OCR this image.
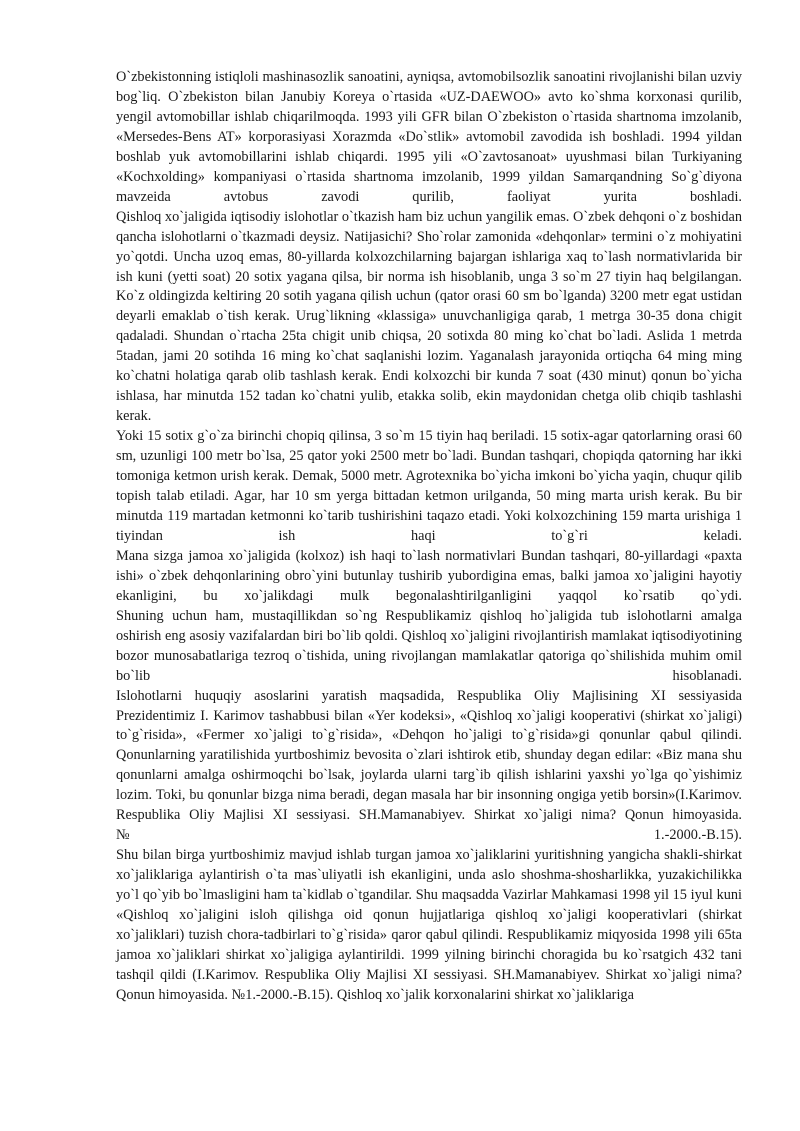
O`zbekistonning istiqloli mashinasozlik sanoatini, ayniqsa, avtomobilsozlik sanoatini rivojlanishi bilan uzviy bog`liq. O`zbekiston bilan Janubiy Koreya o`rtasida «UZ-DAEWOO» avto ko`shma korxonasi qurilib, yengil avtomobillar ishlab chiqarilmoqda. 1993 yili GFR bilan O`zbekiston o`rtasida shartnoma imzolanib, «Mersedes-Bens AT» korporasiyasi Xorazmda «Do`stlik» avtomobil zavodida ish boshladi. 1994 yildan boshlab yuk avtomobillarini ishlab chiqardi. 1995 yili «O`zavtosanoat» uyushmasi bilan Turkiyaning «Kochxolding» kompaniyasi o`rtasida shartnoma imzolanib, 1999 yildan Samarqandning So`g`diyona mavzeida avtobus zavodi qurilib, faoliyat yurita boshladi.

Qishloq xo`jaligida iqtisodiy islohotlar o`tkazish ham biz uchun yangilik emas. O`zbek dehqoni o`z boshidan qancha islohotlarni o`tkazmadi deysiz. Natijasichi? Sho`rolar zamonida «dehqonlar» termini o`z mohiyatini yo`qotdi. Uncha uzoq emas, 80-yillarda kolxozchilarning bajargan ishlariga xaq to`lash normativlarida bir ish kuni (yetti soat) 20 sotix yagana qilsa, bir norma ish hisoblanib, unga 3 so`m 27 tiyin haq belgilangan. Ko`z oldingizda keltiring 20 sotih yagana qilish uchun (qator orasi 60 sm bo`lganda) 3200 metr egat ustidan deyarli emaklab o`tish kerak. Urug`likning «klassiga» unuvchanligiga qarab, 1 metrga 30-35 dona chigit qadaladi. Shundan o`rtacha 25ta chigit unib chiqsa, 20 sotixda 80 ming ko`chat bo`ladi. Aslida 1 metrda 5tadan, jami 20 sotihda 16 ming ko`chat saqlanishi lozim. Yaganalash jarayonida ortiqcha 64 ming ming ko`chatni holatiga qarab olib tashlash kerak. Endi kolxozchi bir kunda 7 soat (430 minut) qonun bo`yicha ishlasa, har minutda 152 tadan ko`chatni yulib, etakka solib, ekin maydonidan chetga olib chiqib tashlashi kerak.

Yoki 15 sotix g`o`za birinchi chopiq qilinsa, 3 so`m 15 tiyin haq beriladi. 15 sotix-agar qatorlarning orasi 60 sm, uzunligi 100 metr bo`lsa, 25 qator yoki 2500 metr bo`ladi. Bundan tashqari, chopiqda qatorning har ikki tomoniga ketmon urish kerak. Demak, 5000 metr. Agrotexnika bo`yicha imkoni bo`yicha yaqin, chuqur qilib topish talab etiladi. Agar, har 10 sm yerga bittadan ketmon urilganda, 50 ming marta urish kerak. Bu bir minutda 119 martadan ketmonni ko`tarib tushirishini taqazo etadi. Yoki kolxozchining 159 marta urishiga 1 tiyindan ish haqi to`g`ri keladi.

Mana sizga jamoa xo`jaligida (kolxoz) ish haqi to`lash normativlari Bundan tashqari, 80-yillardagi «paxta ishi» o`zbek dehqonlarining obro`yini butunlay tushirib yubordigina emas, balki jamoa xo`jaligini hayotiy ekanligini, bu xo`jalikdagi mulk begonalashtirilganligini yaqqol ko`rsatib qo`ydi.

Shuning uchun ham, mustaqillikdan so`ng Respublikamiz qishloq ho`jaligida tub islohotlarni amalga oshirish eng asosiy vazifalardan biri bo`lib qoldi. Qishloq xo`jaligini rivojlantirish mamlakat iqtisodiyotining bozor munosabatlariga tezroq o`tishida, uning rivojlangan mamlakatlar qatoriga qo`shilishida muhim omil bo`lib hisoblanadi.

Islohotlarni huquqiy asoslarini yaratish maqsadida, Respublika Oliy Majlisining XI sessiyasida Prezidentimiz I. Karimov tashabbusi bilan «Yer kodeksi», «Qishloq xo`jaligi kooperativi (shirkat xo`jaligi) to`g`risida», «Fermer xo`jaligi to`g`risida», «Dehqon ho`jaligi to`g`risida»gi qonunlar qabul qilindi. Qonunlarning yaratilishida yurtboshimiz bevosita o`zlari ishtirok etib, shunday degan edilar: «Biz mana shu qonunlarni amalga oshirmoqchi bo`lsak, joylarda ularni targ`ib qilish ishlarini yaxshi yo`lga qo`yishimiz lozim. Toki, bu qonunlar bizga nima beradi, degan masala har bir insonning ongiga yetib borsin»(I.Karimov. Respublika Oliy Majlisi XI sessiyasi. SH.Mamanabiyev. Shirkat xo`jaligi nima? Qonun himoyasida. №1.-2000.-B.15).

Shu bilan birga yurtboshimiz mavjud ishlab turgan jamoa xo`jaliklarini yuritishning yangicha shakli-shirkat xo`jaliklariga aylantirish o`ta mas`uliyatli ish ekanligini, unda aslo shoshma-shosharlikka, yuzakichilikka yo`l qo`yib bo`lmasligini ham ta`kidlab o`tgandilar. Shu maqsadda Vazirlar Mahkamasi 1998 yil 15 iyul kuni «Qishloq xo`jaligini isloh qilishga oid qonun hujjatlariga qishloq xo`jaligi kooperativlari (shirkat xo`jaliklari) tuzish chora-tadbirlari to`g`risida» qaror qabul qilindi. Respublikamiz miqyosida 1998 yili 65ta jamoa xo`jaliklari shirkat xo`jaligiga aylantirildi. 1999 yilning birinchi choragida bu ko`rsatgich 432 tani tashqil qildi (I.Karimov. Respublika Oliy Majlisi XI sessiyasi. SH.Mamanabiyev. Shirkat xo`jaligi nima? Qonun himoyasida. №1.-2000.-B.15). Qishloq xo`jalik korxonalarini shirkat xo`jaliklariga
